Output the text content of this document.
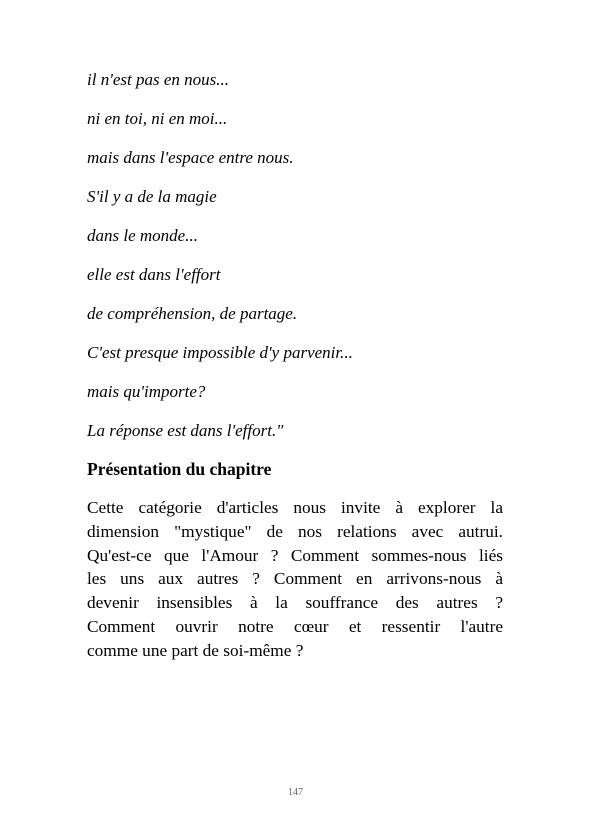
il n'est pas en nous...

ni en toi, ni en moi...

mais dans l'espace entre nous.

S'il y a de la magie

dans le monde...

elle est dans l'effort

de compréhension, de partage.

C'est presque impossible d'y parvenir...

mais qu'importe?

La réponse est dans l'effort."

Présentation du chapitre
Cette catégorie d'articles nous invite à explorer la
dimension "mystique" de nos relations avec autrui.
Qu'est-ce que l'Amour ? Comment sommes-nous liés
les uns aux autres ? Comment en arrivons-nous à
devenir insensibles à la souffrance des autres ?
Comment ouvrir notre cœur et ressentir l'autre
comme une part de soi-même ?
147
